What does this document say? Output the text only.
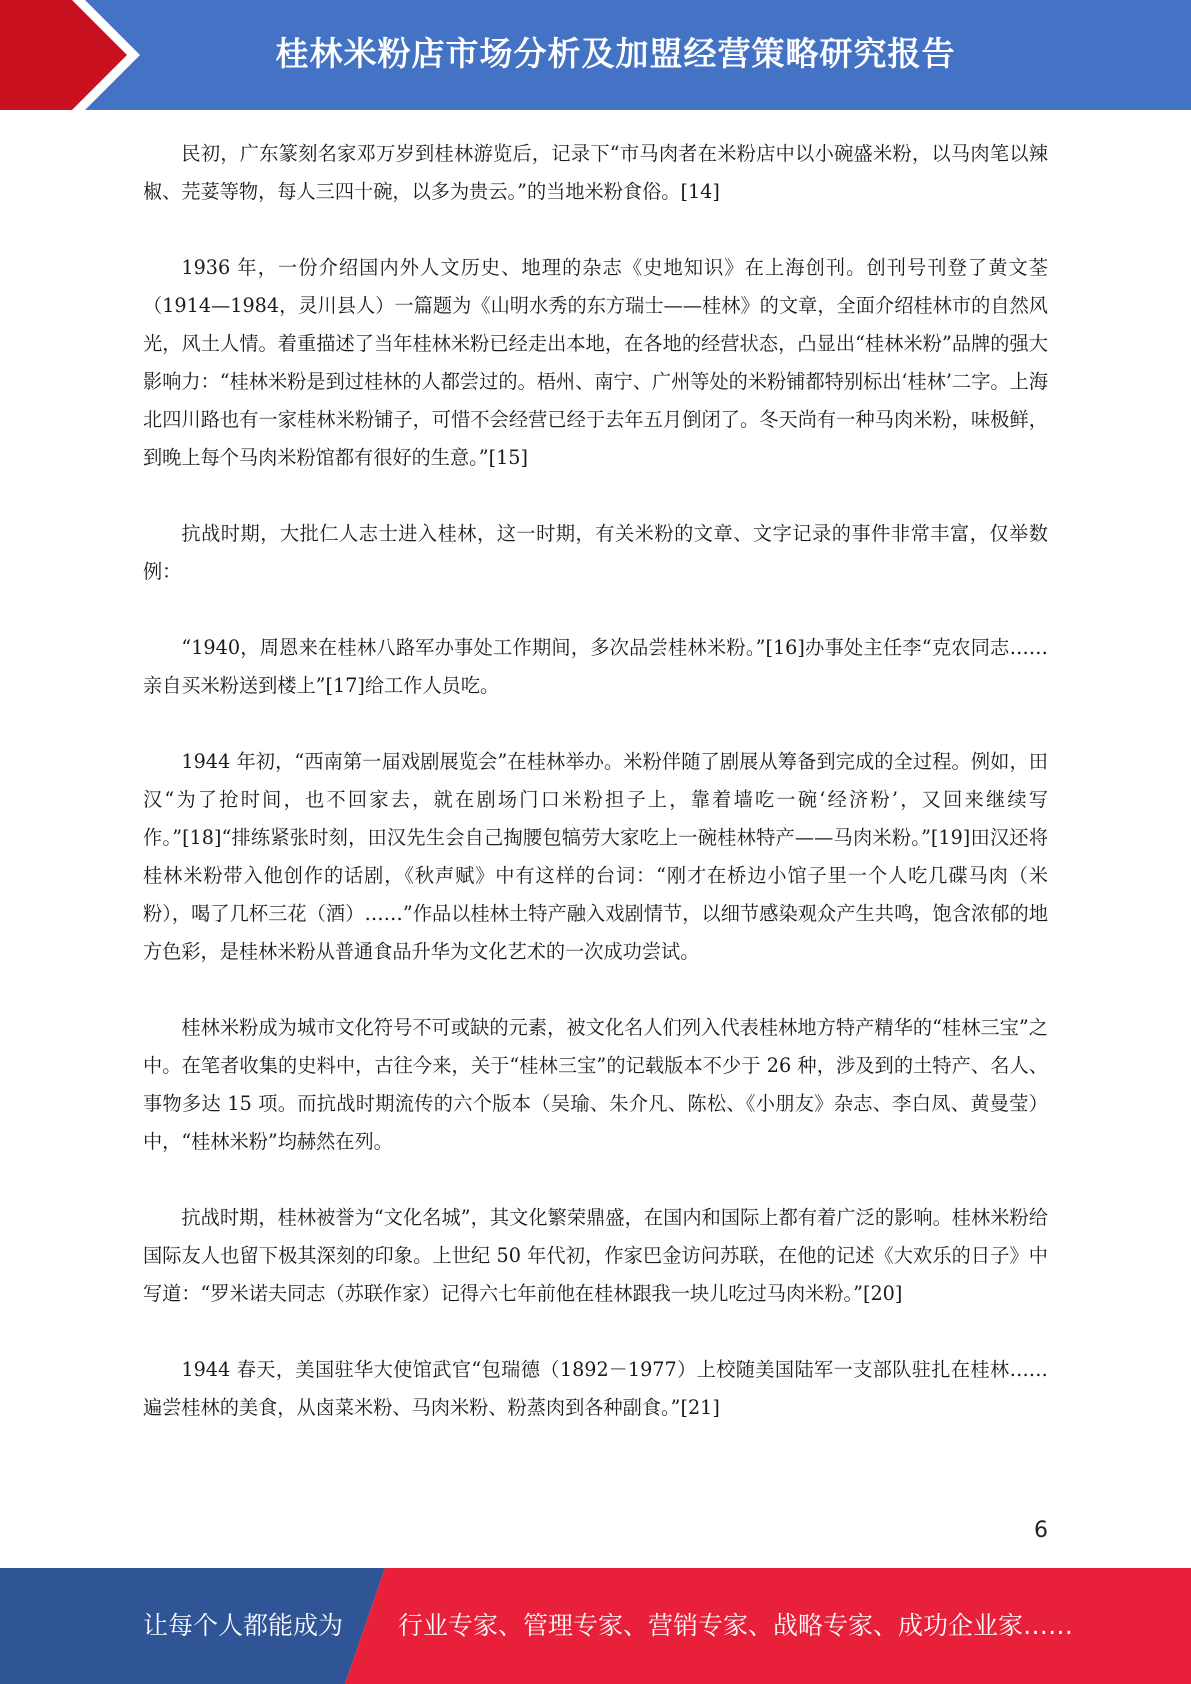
桂林米粉店市场分析及加盟经营策略研究报告

民初，广东篆刻名家邓万岁到桂林游览后，记录下“市马肉者在米粉店中以小碗盛米粉，以马肉笔以辣椒、芫荽等物，每人三四十碗，以多为贵云。”的当地米粉食俗。[14]

1936 年，一份介绍国内外人文历史、地理的杂志《史地知识》在上海创刊。创刊号刊登了黄文荃（1914—1984，灵川县人）一篇题为《山明水秀的东方瑞士——桂林》的文章，全面介绍桂林市的自然风光，风土人情。着重描述了当年桂林米粉已经走出本地，在各地的经营状态，凸显出“桂林米粉”品牌的强大影响力：“桂林米粉是到过桂林的人都尝过的。梧州、南宁、广州等处的米粉铺都特别标出‘桂林’二字。上海北四川路也有一家桂林米粉铺子，可惜不会经营已经于去年五月倒闭了。冬天尚有一种马肉米粉，味极鲜，到晚上每个马肉米粉馆都有很好的生意。”[15]

抗战时期，大批仁人志士进入桂林，这一时期，有关米粉的文章、文字记录的事件非常丰富，仅举数例：

“1940，周恩来在桂林八路军办事处工作期间，多次品尝桂林米粉。”[16]办事处主任李“克农同志……亲自买米粉送到楼上”[17]给工作人员吃。

1944 年初，“西南第一届戏剧展览会”在桂林举办。米粉伴随了剧展从筹备到完成的全过程。例如，田汉“为了抢时间，也不回家去，就在剧场门口米粉担子上，靠着墙吃一碗‘经济粉’，又回来继续写作。”[18]“排练紧张时刻，田汉先生会自己掏腰包犒劳大家吃上一碗桂林特产——马肉米粉。”[19]田汉还将桂林米粉带入他创作的话剧，《秋声赋》中有这样的台词：“刚才在桥边小馆子里一个人吃几碟马肉（米粉），喝了几杯三花（酒）……”作品以桂林土特产融入戏剧情节，以细节感染观众产生共鸣，饱含浓郁的地方色彩，是桂林米粉从普通食品升华为文化艺术的一次成功尝试。

桂林米粉成为城市文化符号不可或缺的元素，被文化名人们列入代表桂林地方特产精华的“桂林三宝”之中。在笔者收集的史料中，古往今来，关于“桂林三宝”的记载版本不少于 26 种，涉及到的土特产、名人、事物多达 15 项。而抗战时期流传的六个版本（吴瑜、朱介凡、陈松、《小朋友》杂志、李白凤、黄曼莹）中，“桂林米粉”均赫然在列。

抗战时期，桂林被誉为“文化名城”，其文化繁荣鼎盛，在国内和国际上都有着广泛的影响。桂林米粉给国际友人也留下极其深刻的印象。上世纪 50 年代初，作家巴金访问苏联，在他的记述《大欢乐的日子》中写道：“罗米诺夫同志（苏联作家）记得六七年前他在桂林跟我一块儿吃过马肉米粉。”[20]

1944 春天，美国驻华大使馆武官“包瑞德（1892－1977）上校随美国陆军一支部队驻扎在桂林……遍尝桂林的美食，从卤菜米粉、马肉米粉、粉蒸肉到各种副食。”[21]

6
让每个人都能成为 行业专家、管理专家、营销专家、战略专家、成功企业家……
